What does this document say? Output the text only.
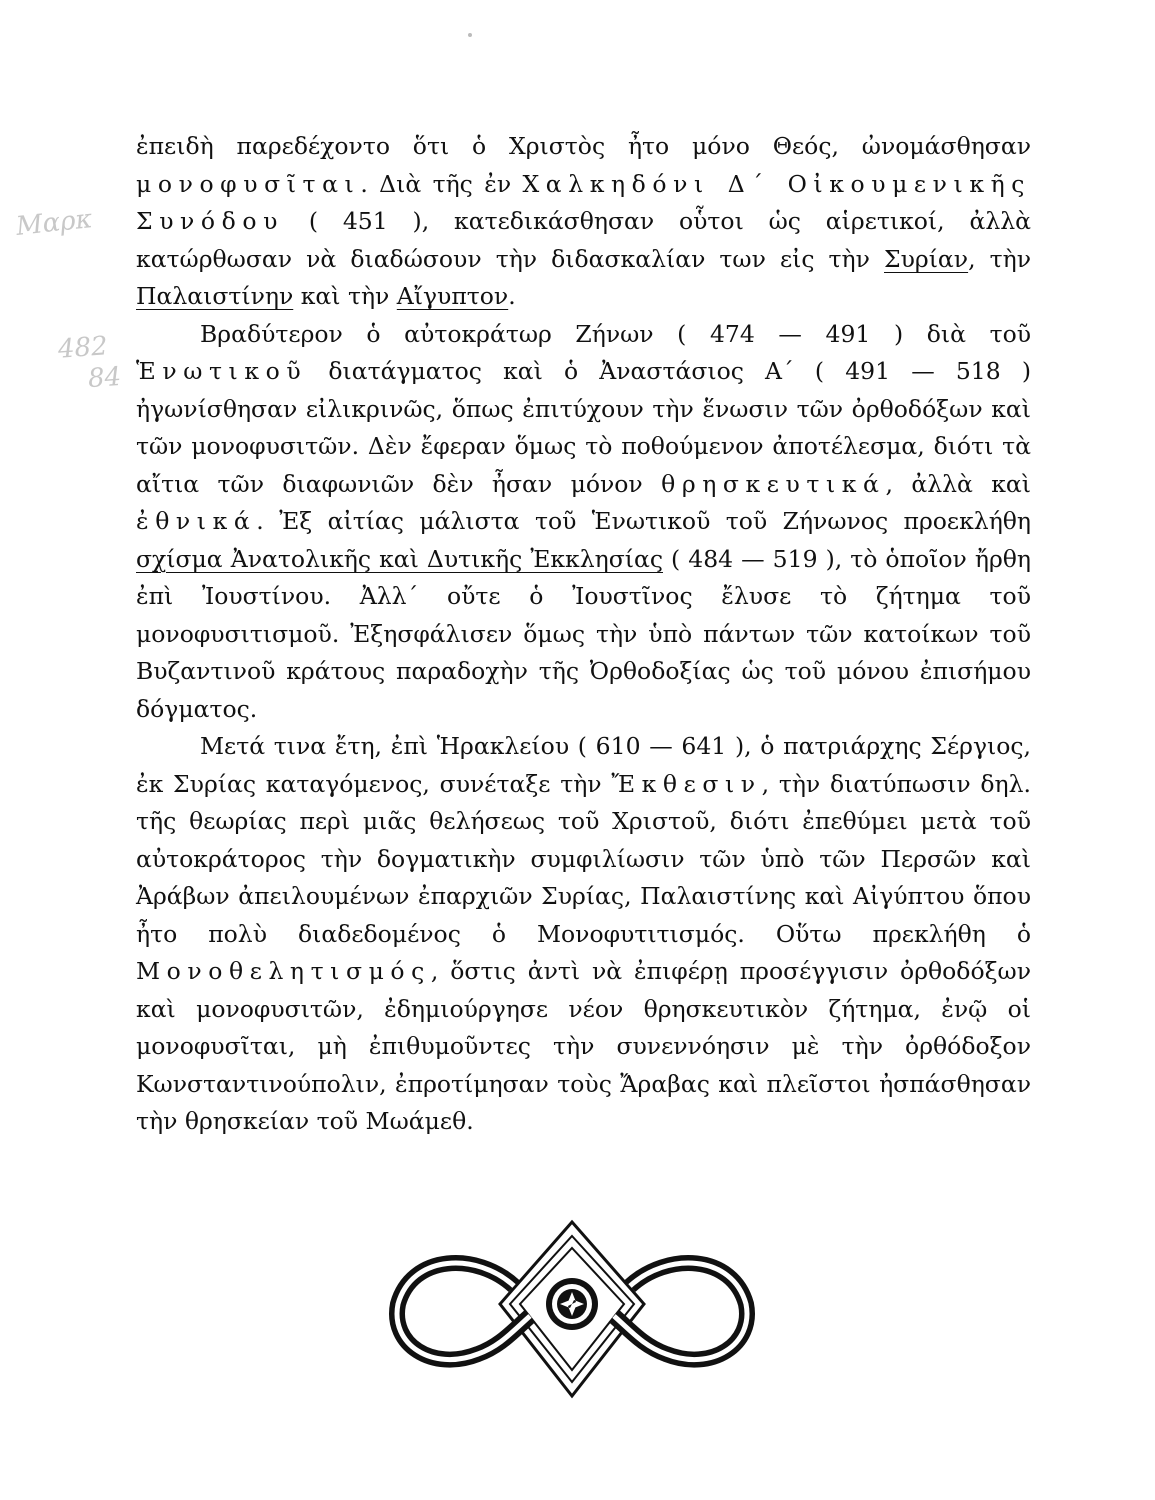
Μαρκ
482
84

ἐπειδὴ παρεδέχοντο ὅτι ὁ Χριστὸς ἦτο μόνο Θεός, ὠνομάσθησαν μονοφυσῖται. Διὰ τῆς ἐν Χαλκηδόνι Δ΄ Οἰκουμενικῆς Συνόδου ( 451 ), κατεδικάσθησαν οὗτοι ὡς αἱρετικοί, ἀλλὰ κατώρθωσαν νὰ διαδώσουν τὴν διδασκαλίαν των εἰς τὴν Συρίαν, τὴν Παλαιστίνην καὶ τὴν Αἴγυπτον.

Βραδύτερον ὁ αὐτοκράτωρ Ζήνων ( 474 — 491 ) διὰ τοῦ Ἑνωτικοῦ διατάγματος καὶ ὁ Ἀναστάσιος Α΄ ( 491 — 518 ) ἠγωνίσθησαν εἰλικρινῶς, ὅπως ἐπιτύχουν τὴν ἕνωσιν τῶν ὀρθοδόξων καὶ τῶν μονοφυσιτῶν. Δὲν ἔφεραν ὅμως τὸ ποθούμενον ἀποτέλεσμα, διότι τὰ αἴτια τῶν διαφωνιῶν δὲν ἦσαν μόνον θρησκευτικά, ἀλλὰ καὶ ἐθνικά. Ἐξ αἰτίας μάλιστα τοῦ Ἑνωτικοῦ τοῦ Ζήνωνος προεκλήθη σχίσμα Ἀνατολικῆς καὶ Δυτικῆς Ἐκκλησίας ( 484 — 519 ), τὸ ὁποῖον ἤρθη ἐπὶ Ἰουστίνου. Ἀλλ΄ οὔτε ὁ Ἰουστῖνος ἔλυσε τὸ ζήτημα τοῦ μονοφυσιτισμοῦ. Ἐξησφάλισεν ὅμως τὴν ὑπὸ πάντων τῶν κατοίκων τοῦ Βυζαντινοῦ κράτους παραδοχὴν τῆς Ὀρθοδοξίας ὡς τοῦ μόνου ἐπισήμου δόγματος.

Μετά τινα ἔτη, ἐπὶ Ἡρακλείου ( 610 — 641 ), ὁ πατριάρχης Σέργιος, ἐκ Συρίας καταγόμενος, συνέταξε τὴν Ἔκθεσιν, τὴν διατύπωσιν δηλ. τῆς θεωρίας περὶ μιᾶς θελήσεως τοῦ Χριστοῦ, διότι ἐπεθύμει μετὰ τοῦ αὐτοκράτορος τὴν δογματικὴν συμφιλίωσιν τῶν ὑπὸ τῶν Περσῶν καὶ Ἀράβων ἀπειλουμένων ἐπαρχιῶν Συρίας, Παλαιστίνης καὶ Αἰγύπτου ὅπου ἦτο πολὺ διαδεδομένος ὁ Μονοφυτιτισμός. Οὕτω πρεκλήθη ὁ Μονοθελητισμός, ὅστις ἀντὶ νὰ ἐπιφέρῃ προσέγγισιν ὀρθοδόξων καὶ μονοφυσιτῶν, ἐδημιούργησε νέον θρησκευτικὸν ζήτημα, ἐνῷ οἱ μονοφυσῖται, μὴ ἐπιθυμοῦντες τὴν συνεννόησιν μὲ τὴν ὀρθόδοξον Κωνσταντινούπολιν, ἐπροτίμησαν τοὺς Ἄραβας καὶ πλεῖστοι ἠσπάσθησαν τὴν θρησκείαν τοῦ Μωάμεθ.
